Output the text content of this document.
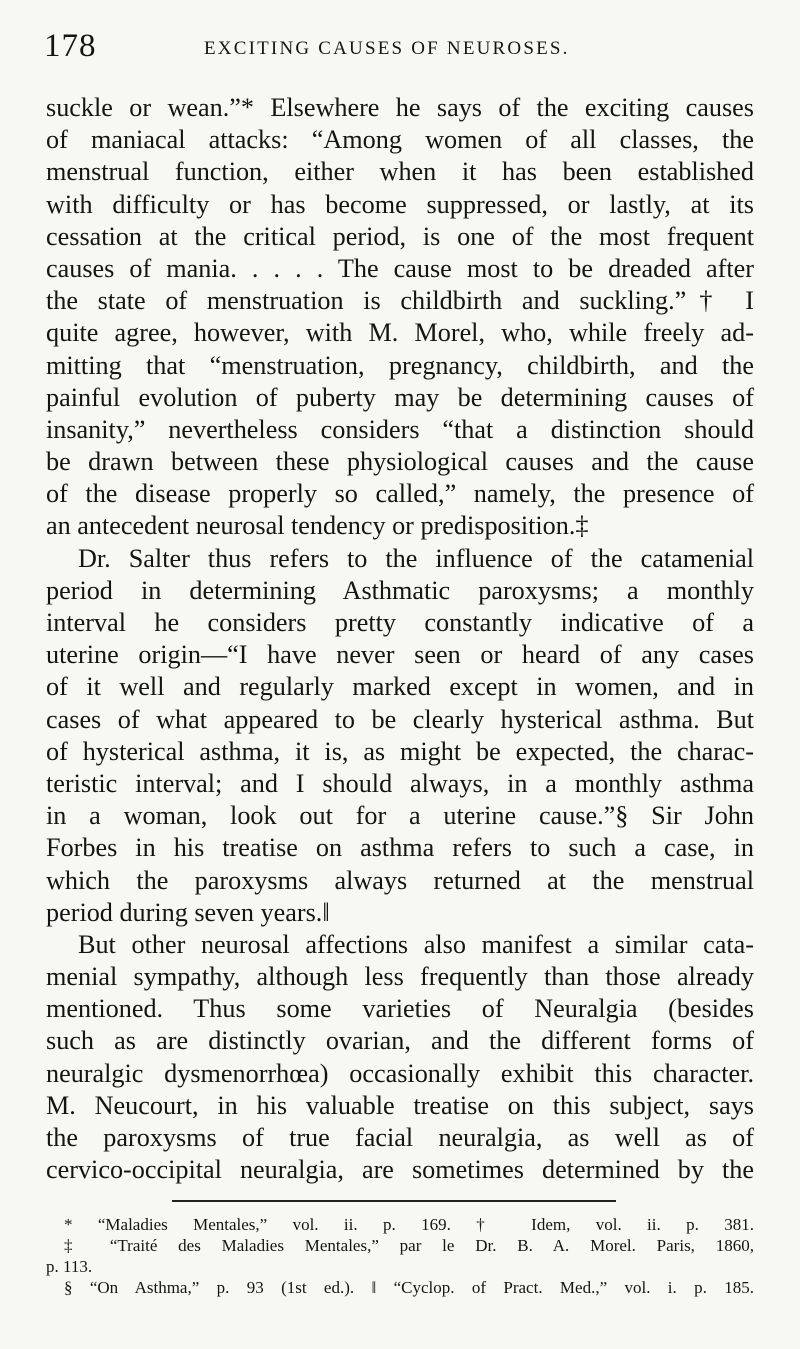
178	EXCITING CAUSES OF NEUROSES.
suckle or wean.”* Elsewhere he says of the exciting causes
of maniacal attacks: “Among women of all classes, the
menstrual function, either when it has been established
with difficulty or has become suppressed, or lastly, at its
cessation at the critical period, is one of the most frequent
causes of mania. . . . . The cause most to be dreaded after
the state of menstruation is childbirth and suckling.”† I
quite agree, however, with M. Morel, who, while freely ad-
mitting that “menstruation, pregnancy, childbirth, and the
painful evolution of puberty may be determining causes of
insanity,” nevertheless considers “that a distinction should
be drawn between these physiological causes and the cause
of the disease properly so called,” namely, the presence of
an antecedent neurosal tendency or predisposition.‡
Dr. Salter thus refers to the influence of the catamenial
period in determining Asthmatic paroxysms; a monthly
interval he considers pretty constantly indicative of a
uterine origin—“I have never seen or heard of any cases
of it well and regularly marked except in women, and in
cases of what appeared to be clearly hysterical asthma. But
of hysterical asthma, it is, as might be expected, the charac-
teristic interval; and I should always, in a monthly asthma
in a woman, look out for a uterine cause.”§ Sir John
Forbes in his treatise on asthma refers to such a case, in
which the paroxysms always returned at the menstrual
period during seven years.‖
But other neurosal affections also manifest a similar cata-
menial sympathy, although less frequently than those already
mentioned. Thus some varieties of Neuralgia (besides
such as are distinctly ovarian, and the different forms of
neuralgic dysmenorrhœa) occasionally exhibit this character.
M. Neucourt, in his valuable treatise on this subject, says
the paroxysms of true facial neuralgia, as well as of
cervico-occipital neuralgia, are sometimes determined by the
* “Maladies Mentales,” vol. ii. p. 169. † Idem, vol. ii. p. 381.
‡ “Traité des Maladies Mentales,” par le Dr. B. A. Morel. Paris, 1860,
p. 113.
§ “On Asthma,” p. 93 (1st ed.). ‖ “Cyclop. of Pract. Med.,” vol. i. p. 185.
